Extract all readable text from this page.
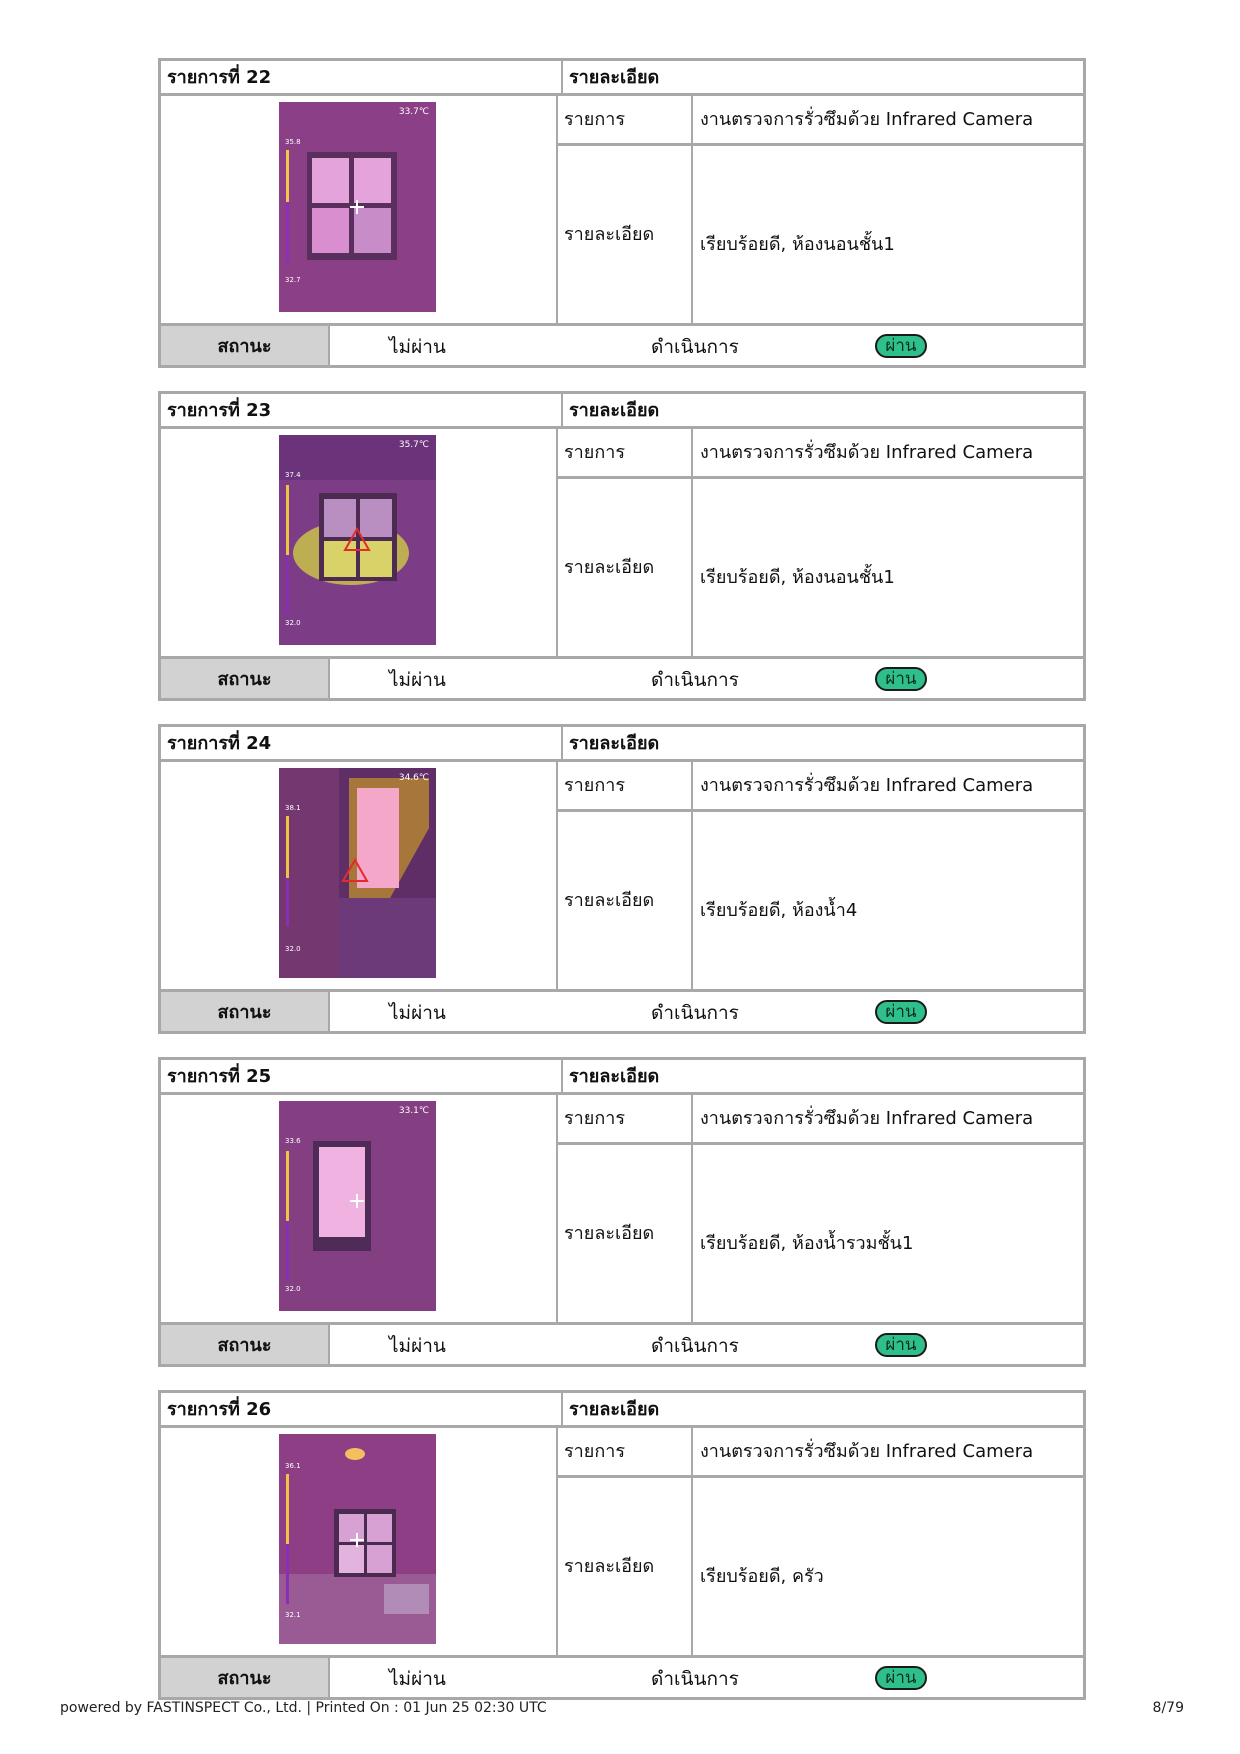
รายการที่ 22	รายละเอียด
33.7℃
35.8
32.7
รายการ	งานตรวจการรั่วซึมด้วย Infrared Camera
รายละเอียด	เรียบร้อยดี, ห้องนอนชั้น1
สถานะ	ไม่ผ่าน	ดำเนินการ	ผ่าน
รายการที่ 23	รายละเอียด
35.7℃
37.4
32.0
รายการ	งานตรวจการรั่วซึมด้วย Infrared Camera
รายละเอียด	เรียบร้อยดี, ห้องนอนชั้น1
สถานะ	ไม่ผ่าน	ดำเนินการ	ผ่าน
รายการที่ 24	รายละเอียด
34.6℃
38.1
32.0
รายการ	งานตรวจการรั่วซึมด้วย Infrared Camera
รายละเอียด	เรียบร้อยดี, ห้องน้ำ4
สถานะ	ไม่ผ่าน	ดำเนินการ	ผ่าน
รายการที่ 25	รายละเอียด
33.1℃
33.6
32.0
รายการ	งานตรวจการรั่วซึมด้วย Infrared Camera
รายละเอียด	เรียบร้อยดี, ห้องน้ำรวมชั้น1
สถานะ	ไม่ผ่าน	ดำเนินการ	ผ่าน
รายการที่ 26	รายละเอียด
36.1
32.1
รายการ	งานตรวจการรั่วซึมด้วย Infrared Camera
รายละเอียด	เรียบร้อยดี, ครัว
สถานะ	ไม่ผ่าน	ดำเนินการ	ผ่าน
powered by FASTINSPECT Co., Ltd. | Printed On : 01 Jun 25 02:30 UTC	8/79
